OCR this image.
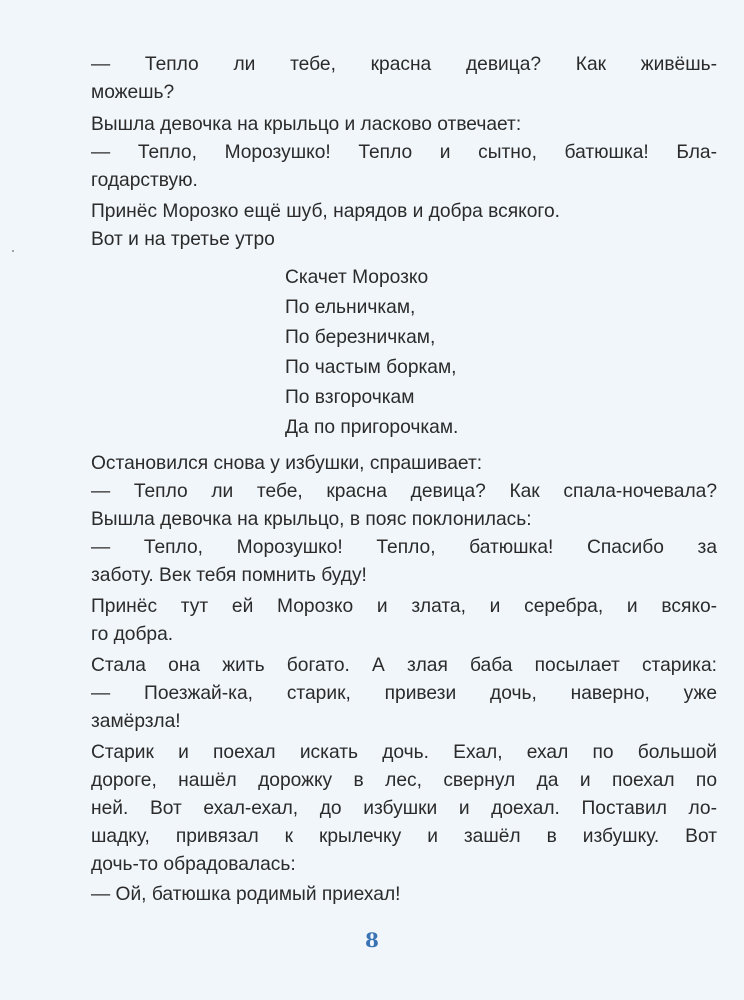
— Тепло ли тебе, красна девица? Как живёшь-
можешь?

Вышла девочка на крыльцо и ласково отвечает:

— Тепло, Морозушко! Тепло и сытно, батюшка! Бла-
годарствую.

Принёс Морозко ещё шуб, нарядов и добра всякого.
Вот и на третье утро

Скачет Морозко
По ельничкам,
По березничкам,
По частым боркам,
По взгорочкам
Да по пригорочкам.

Остановился снова у избушки, спрашивает:

— Тепло ли тебе, красна девица? Как спала-ночевала?

Вышла девочка на крыльцо, в пояс поклонилась:

— Тепло, Морозушко! Тепло, батюшка! Спасибо за
заботу. Век тебя помнить буду!

Принёс тут ей Морозко и злата, и серебра, и всяко-
го добра.

Стала она жить богато. А злая баба посылает старика:

— Поезжай-ка, старик, привези дочь, наверно, уже
замёрзла!

Старик и поехал искать дочь. Ехал, ехал по большой
дороге, нашёл дорожку в лес, свернул да и поехал по
ней. Вот ехал-ехал, до избушки и доехал. Поставил ло-
шадку, привязал к крылечку и зашёл в избушку. Вот
дочь-то обрадовалась:

— Ой, батюшка родимый приехал!

8
